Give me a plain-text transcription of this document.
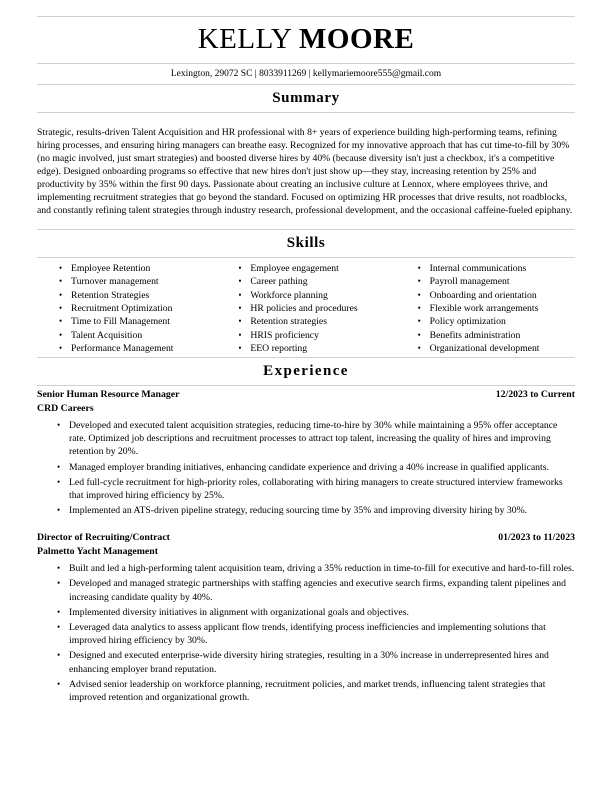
KELLY MOORE
Lexington, 29072 SC | 8033911269 | kellymariemoore555@gmail.com
Summary

Strategic, results-driven Talent Acquisition and HR professional with 8+ years of experience building high-performing teams, refining hiring processes, and ensuring hiring managers can breathe easy. Recognized for my innovative approach that has cut time-to-fill by 30% (no magic involved, just smart strategies) and boosted diverse hires by 40% (because diversity isn't just a checkbox, it's a competitive edge). Designed onboarding programs so effective that new hires don't just show up—they stay, increasing retention by 25% and productivity by 35% within the first 90 days. Passionate about creating an inclusive culture at Lennox, where employees thrive, and implementing recruitment strategies that go beyond the standard. Focused on optimizing HR processes that drive results, not roadblocks, and constantly refining talent strategies through industry research, professional development, and the occasional caffeine-fueled epiphany.

Skills
• Employee Retention
• Turnover management
• Retention Strategies
• Recruitment Optimization
• Time to Fill Management
• Talent Acquisition
• Performance Management
• Employee engagement
• Career pathing
• Workforce planning
• HR policies and procedures
• Retention strategies
• HRIS proficiency
• EEO reporting
• Internal communications
• Payroll management
• Onboarding and orientation
• Flexible work arrangements
• Policy optimization
• Benefits administration
• Organizational development
Experience
Senior Human Resource Manager	12/2023 to Current
CRD Careers
• Developed and executed talent acquisition strategies, reducing time-to-hire by 30% while maintaining a 95% offer acceptance rate. Optimized job descriptions and recruitment processes to attract top talent, increasing the quality of hires and improving retention by 20%.
• Managed employer branding initiatives, enhancing candidate experience and driving a 40% increase in qualified applicants.
• Led full-cycle recruitment for high-priority roles, collaborating with hiring managers to create structured interview frameworks that improved hiring efficiency by 25%.
• Implemented an ATS-driven pipeline strategy, reducing sourcing time by 35% and improving diversity hiring by 30%.
Director of Recruiting/Contract	01/2023 to 11/2023
Palmetto Yacht Management
• Built and led a high-performing talent acquisition team, driving a 35% reduction in time-to-fill for executive and hard-to-fill roles.
• Developed and managed strategic partnerships with staffing agencies and executive search firms, expanding talent pipelines and increasing candidate quality by 40%.
• Implemented diversity initiatives in alignment with organizational goals and objectives.
• Leveraged data analytics to assess applicant flow trends, identifying process inefficiencies and implementing solutions that improved hiring efficiency by 30%.
• Designed and executed enterprise-wide diversity hiring strategies, resulting in a 30% increase in underrepresented hires and enhancing employer brand reputation.
• Advised senior leadership on workforce planning, recruitment policies, and market trends, influencing talent strategies that improved retention and organizational growth.
